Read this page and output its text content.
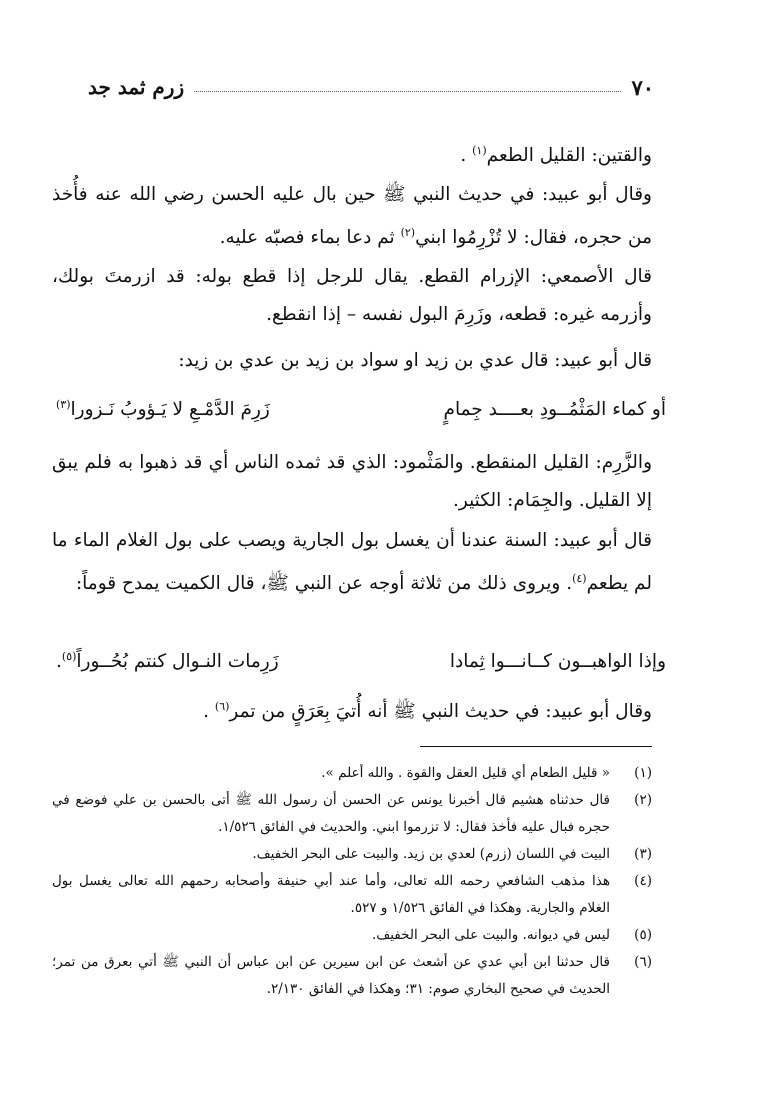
٧٠
زرم ثمد جد
والقتين: القليل الطعم$^{(١)}$ .
وقال أبو عبيد: في حديث النبي ﷺ حين بال عليه الحسن رضي الله عنه فأُخذ من حجره، فقال: لا تُزْرِمُوا ابني$^{(٢)}$ ثم دعا بماء فصبّه عليه.
قال الأصمعي: الإزرام القطع. يقال للرجل إذا قطع بوله: قد ازرمتَ بولك، وأزرمه غيره: قطعه، وزَرِمَ البول نفسه – إذا انقطع.
قال أبو عبيد: قال عدي بن زيد او سواد بن زيد بن عدي بن زيد:
أو كماء المَثْمُــودِ بعــــد جِمامٍ
زَرِمَ الدَّمْـعِ لا يَـؤوبُ نَـزورا$^{(٣)}$
والزَّرِم: القليل المنقطع. والمَثْمود: الذي قد ثمده الناس أي قد ذهبوا به فلم يبق إلا القليل. والجِمَام: الكثير.
قال أبو عبيد: السنة عندنا أن يغسل بول الجارية ويصب على بول الغلام الماء ما لم يطعم$^{(٤)}$. ويروى ذلك من ثلاثة أوجه عن النبي ﷺ، قال الكميت يمدح قوماً:
وإذا الواهبــون كــانـــوا ثِمادا
زَرِمات النـوال كنتم بُحُــوراً$^{(٥)}$.
وقال أبو عبيد: في حديث النبي ﷺ أنه أُتيَ بِعَرَقٍ من تمر$^{(٦)}$ .
(١)
« قليل الطعام أي قليل العقل والقوة . والله أعلم ».
(٢)
قال حدثناه هشيم قال أخبرنا يونس عن الحسن أن رسول الله ﷺ أتى بالحسن بن علي فوضع في حجره فبال عليه فأخذ فقال: لا تزرموا ابني. والحديث في الفائق ١/٥٢٦.
(٣)
البيت في اللسان (زرم) لعدي بن زيد. والبيت على البحر الخفيف.
(٤)
هذا مذهب الشافعي رحمه الله تعالى، وأما عند أبي حنيفة وأصحابه رحمهم الله تعالى يغسل بول الغلام والجارية. وهكذا في الفائق ١/٥٢٦ و ٥٢٧.
(٥)
ليس في ديوانه. والبيت على البحر الخفيف.
(٦)
قال حدثنا ابن أبي عدي عن أشعث عن ابن سيرين عن ابن عباس أن النبي ﷺ أتي بعرق من تمر؛ الحديث في صحيح البخاري صوم: ٣١؛ وهكذا في الفائق ٢/١٣٠.
